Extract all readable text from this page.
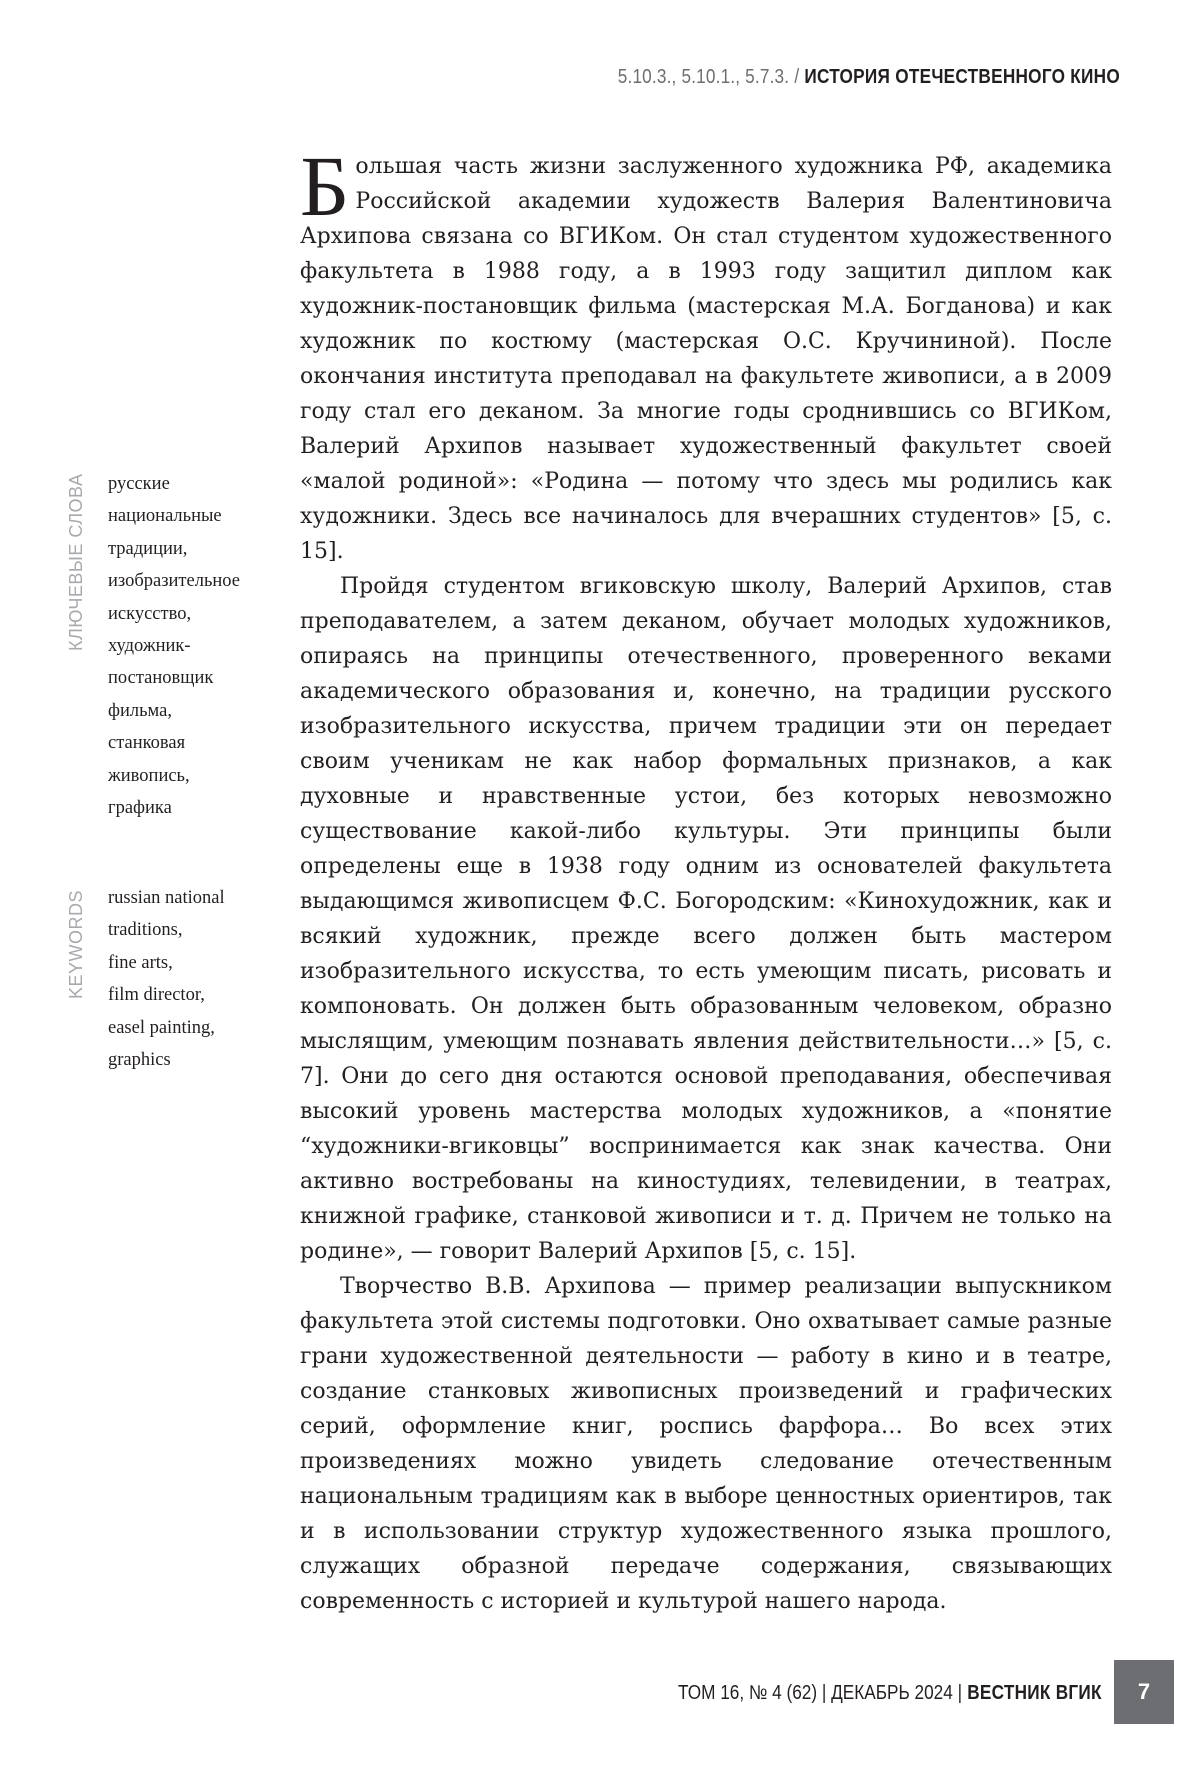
5.10.3., 5.10.1., 5.7.3. / ИСТОРИЯ ОТЕЧЕСТВЕННОГО КИНО
КЛЮЧЕВЫЕ СЛОВА русские
национальные
традиции,
изобразительное
искусство,
художник-
постановщик
фильма,
станковая
живопись,
графика
KEYWORDS russian national
traditions,
fine arts,
film director,
easel painting,
graphics

Большая часть жизни заслуженного художника РФ, академика Российской академии художеств Валерия Валентиновича Архипова связана со ВГИКом. Он стал студентом художественного факультета в 1988 году, а в 1993 году защитил диплом как художник-постановщик фильма (мастерская М.А. Богданова) и как художник по костюму (мастерская О.С. Кручининой). После окончания института преподавал на факультете живописи, а в 2009 году стал его деканом. За многие годы сроднившись со ВГИКом, Валерий Архипов называет художественный факультет своей «малой родиной»: «Родина — потому что здесь мы родились как художники. Здесь все начиналось для вчерашних студентов» [5, с. 15].

Пройдя студентом вгиковскую школу, Валерий Архипов, став преподавателем, а затем деканом, обучает молодых художников, опираясь на принципы отечественного, проверенного веками академического образования и, конечно, на традиции русского изобразительного искусства, причем традиции эти он передает своим ученикам не как набор формальных признаков, а как духовные и нравственные устои, без которых невозможно существование какой-либо культуры. Эти принципы были определены еще в 1938 году одним из основателей факультета выдающимся живописцем Ф.С. Богородским: «Кинохудожник, как и всякий художник, прежде всего должен быть мастером изобразительного искусства, то есть умеющим писать, рисовать и компоновать. Он должен быть образованным человеком, образно мыслящим, умеющим познавать явления действительности…» [5, с. 7]. Они до сего дня остаются основой преподавания, обеспечивая высокий уровень мастерства молодых художников, а «понятие “художники-вгиковцы” воспринимается как знак качества. Они активно востребованы на киностудиях, телевидении, в театрах, книжной графике, станковой живописи и т. д. Причем не только на родине», — говорит Валерий Архипов [5, с. 15].

Творчество В.В. Архипова — пример реализации выпускником факультета этой системы подготовки. Оно охватывает самые разные грани художественной деятельности — работу в кино и в театре, создание станковых живописных произведений и графических серий, оформление книг, роспись фарфора… Во всех этих произведениях можно увидеть следование отечественным национальным традициям как в выборе ценностных ориентиров, так и в использовании структур художественного языка прошлого, служащих образной передаче содержания, связывающих современность с историей и культурой нашего народа.

ТОМ 16, № 4 (62) | ДЕКАБРЬ 2024 | ВЕСТНИК ВГИК	7
